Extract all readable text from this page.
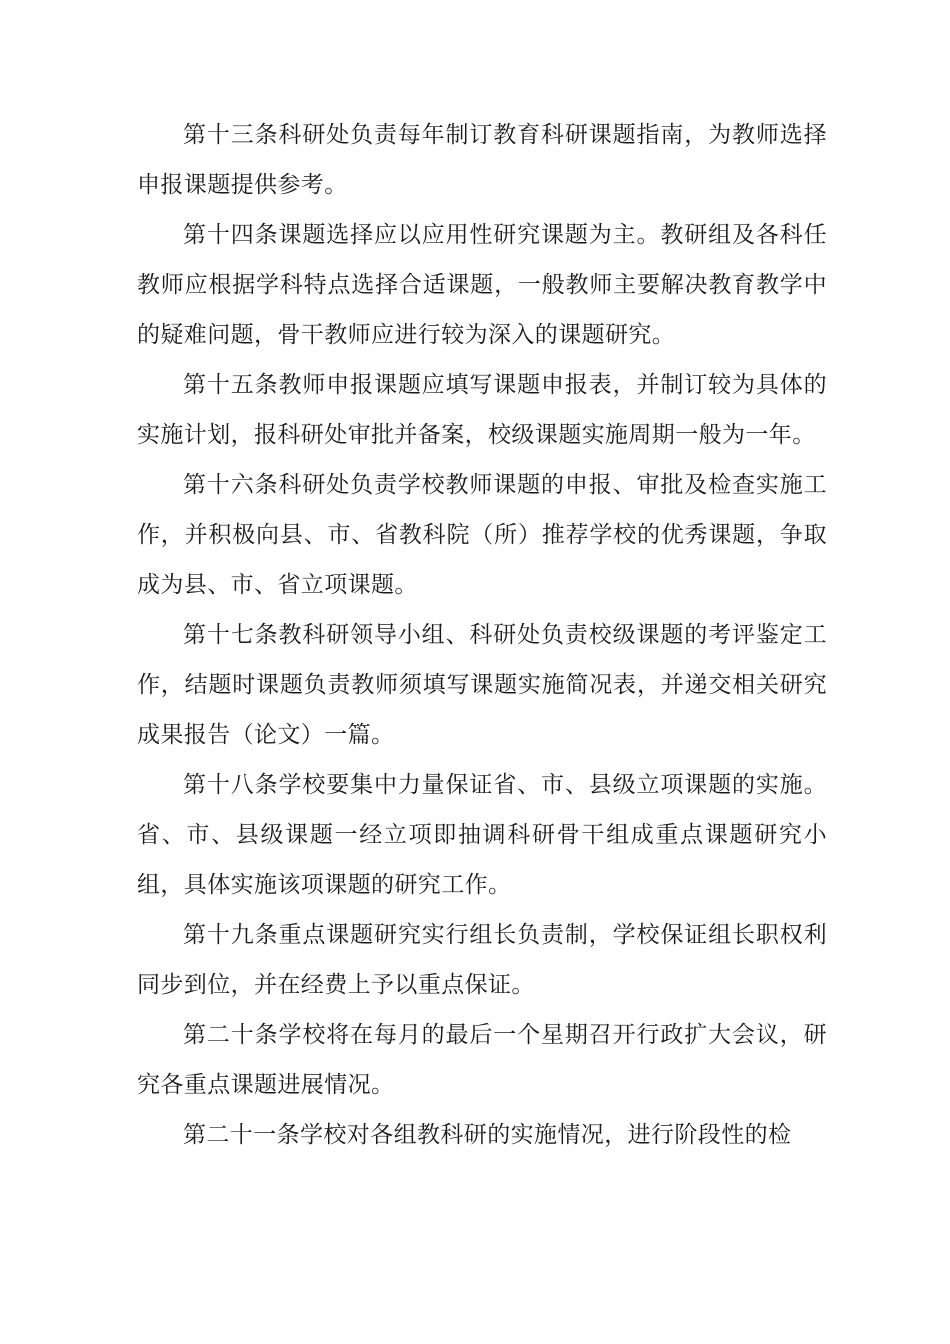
第十三条科研处负责每年制订教育科研课题指南，为教师选择申报课题提供参考。

第十四条课题选择应以应用性研究课题为主。教研组及各科任教师应根据学科特点选择合适课题，一般教师主要解决教育教学中的疑难问题，骨干教师应进行较为深入的课题研究。

第十五条教师申报课题应填写课题申报表，并制订较为具体的实施计划，报科研处审批并备案，校级课题实施周期一般为一年。

第十六条科研处负责学校教师课题的申报、审批及检查实施工作，并积极向县、市、省教科院（所）推荐学校的优秀课题，争取成为县、市、省立项课题。

第十七条教科研领导小组、科研处负责校级课题的考评鉴定工作，结题时课题负责教师须填写课题实施简况表，并递交相关研究成果报告（论文）一篇。

第十八条学校要集中力量保证省、市、县级立项课题的实施。省、市、县级课题一经立项即抽调科研骨干组成重点课题研究小组，具体实施该项课题的研究工作。

第十九条重点课题研究实行组长负责制，学校保证组长职权利同步到位，并在经费上予以重点保证。

第二十条学校将在每月的最后一个星期召开行政扩大会议，研究各重点课题进展情况。

第二十一条学校对各组教科研的实施情况，进行阶段性的检
